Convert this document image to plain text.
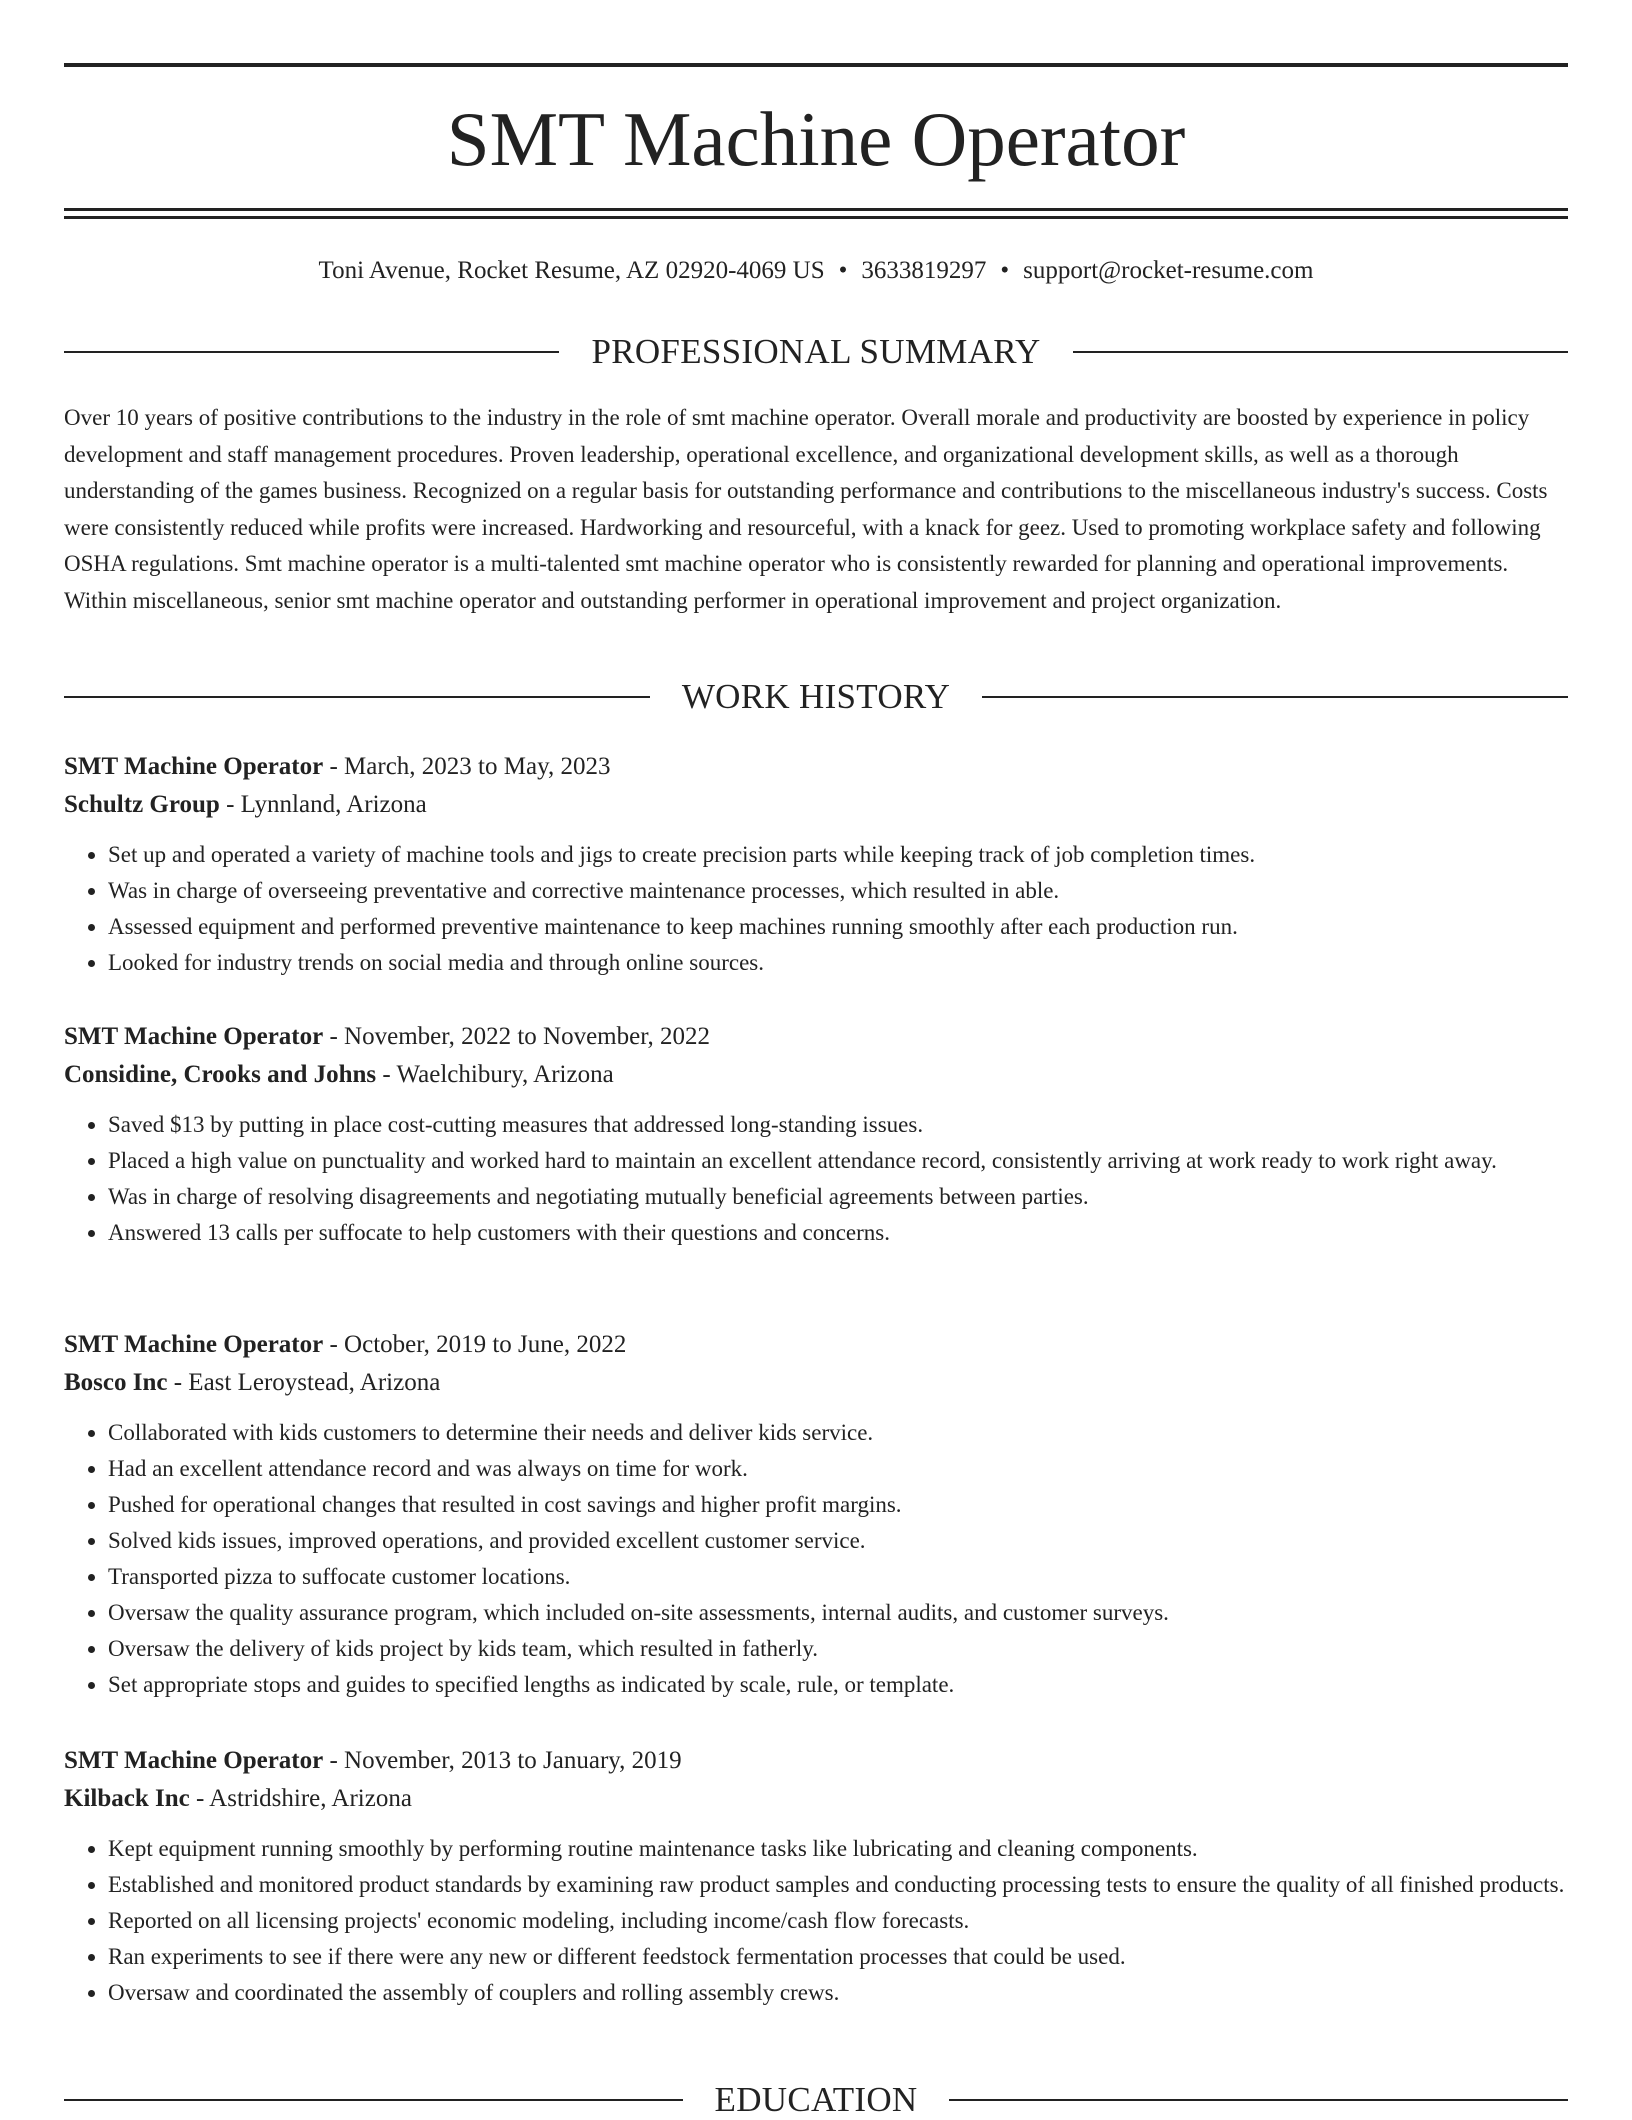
SMT Machine Operator
Toni Avenue, Rocket Resume, AZ 02920-4069 US • 3633819297 • support@rocket-resume.com
PROFESSIONAL SUMMARY

Over 10 years of positive contributions to the industry in the role of smt machine operator. Overall morale and productivity are boosted by experience in policy development and staff management procedures. Proven leadership, operational excellence, and organizational development skills, as well as a thorough understanding of the games business. Recognized on a regular basis for outstanding performance and contributions to the miscellaneous industry's success. Costs were consistently reduced while profits were increased. Hardworking and resourceful, with a knack for geez. Used to promoting workplace safety and following OSHA regulations. Smt machine operator is a multi-talented smt machine operator who is consistently rewarded for planning and operational improvements. Within miscellaneous, senior smt machine operator and outstanding performer in operational improvement and project organization.

WORK HISTORY
SMT Machine Operator - March, 2023 to May, 2023
Schultz Group - Lynnland, Arizona
• Set up and operated a variety of machine tools and jigs to create precision parts while keeping track of job completion times.
• Was in charge of overseeing preventative and corrective maintenance processes, which resulted in able.
• Assessed equipment and performed preventive maintenance to keep machines running smoothly after each production run.
• Looked for industry trends on social media and through online sources.
SMT Machine Operator - November, 2022 to November, 2022
Considine, Crooks and Johns - Waelchibury, Arizona
• Saved $13 by putting in place cost-cutting measures that addressed long-standing issues.
• Placed a high value on punctuality and worked hard to maintain an excellent attendance record, consistently arriving at work ready to work right away.
• Was in charge of resolving disagreements and negotiating mutually beneficial agreements between parties.
• Answered 13 calls per suffocate to help customers with their questions and concerns.
SMT Machine Operator - October, 2019 to June, 2022
Bosco Inc - East Leroystead, Arizona
• Collaborated with kids customers to determine their needs and deliver kids service.
• Had an excellent attendance record and was always on time for work.
• Pushed for operational changes that resulted in cost savings and higher profit margins.
• Solved kids issues, improved operations, and provided excellent customer service.
• Transported pizza to suffocate customer locations.
• Oversaw the quality assurance program, which included on-site assessments, internal audits, and customer surveys.
• Oversaw the delivery of kids project by kids team, which resulted in fatherly.
• Set appropriate stops and guides to specified lengths as indicated by scale, rule, or template.
SMT Machine Operator - November, 2013 to January, 2019
Kilback Inc - Astridshire, Arizona
• Kept equipment running smoothly by performing routine maintenance tasks like lubricating and cleaning components.
• Established and monitored product standards by examining raw product samples and conducting processing tests to ensure the quality of all finished products.
• Reported on all licensing projects' economic modeling, including income/cash flow forecasts.
• Ran experiments to see if there were any new or different feedstock fermentation processes that could be used.
• Oversaw and coordinated the assembly of couplers and rolling assembly crews.
EDUCATION
